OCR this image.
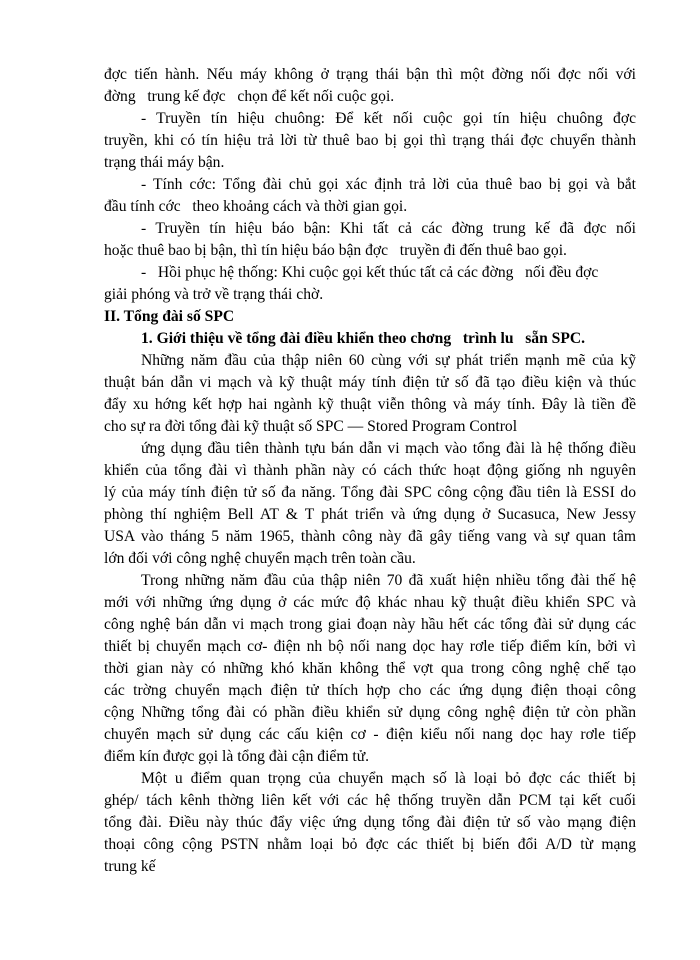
đợc tiến hành. Nếu máy không ở trạng thái bận thì một đờng nối đợc nối với
đờng   trung kế đợc   chọn để kết nối cuộc gọi.
- Truyền tín hiệu chuông: Để kết nối cuộc gọi tín hiệu chuông đợc
truyền, khi có tín hiệu trả lời từ thuê bao bị gọi thì trạng thái đợc chuyển thành
trạng thái máy bận.
- Tính cớc: Tổng đài chủ gọi xác định trả lời của thuê bao bị gọi và bắt
đầu tính cớc   theo khoảng cách và thời gian gọi.
- Truyền tín hiệu báo bận: Khi tất cả các đờng trung kế đã đợc nối
hoặc thuê bao bị bận, thì tín hiệu báo bận đợc   truyền đi đến thuê bao gọi.
-   Hồi phục hệ thống: Khi cuộc gọi kết thúc tất cả các đờng   nối đều đợc
giải phóng và trở về trạng thái chờ.
II. Tổng đài số SPC
1. Giới thiệu về tổng đài điều khiển theo chơng   trình lu   sẵn SPC.
Những năm đầu của thập niên 60 cùng với sự phát triển mạnh mẽ của kỹ
thuật bán dẫn vi mạch và kỹ thuật máy tính điện tử số đã tạo điều kiện và thúc
đẩy xu hớng kết hợp hai ngành kỹ thuật viễn thông và máy tính. Đây là tiền đề
cho sự ra đời tổng đài kỹ thuật số SPC — Stored Program Control
ứng dụng đầu tiên thành tựu bán dẫn vi mạch vào tổng đài là hệ thống điều
khiển của tổng đài vì thành phần này có cách thức hoạt động giống nh nguyên
lý của máy tính điện tử số đa năng. Tổng đài SPC công cộng đầu tiên là ESSI do
phòng thí nghiệm Bell AT & T phát triển và ứng dụng ở Sucasuca, New Jessy
USA vào tháng 5 năm 1965, thành công này đã gây tiếng vang và sự quan tâm
lớn đối với công nghệ chuyển mạch trên toàn cầu.
Trong những năm đầu của thập niên 70 đã xuất hiện nhiều tổng đài thế hệ
mới với những ứng dụng ở các mức độ khác nhau kỹ thuật điều khiển SPC và
công nghệ bán dẫn vi mạch trong giai đoạn này hầu hết các tổng đài sử dụng các
thiết bị chuyển mạch cơ- điện nh bộ nối nang dọc hay rơle tiếp điểm kín, bởi vì
thời gian này có những khó khăn không thể vợt qua trong công nghệ chế tạo
các trờng chuyển mạch điện tử thích hợp cho các ứng dụng điện thoại công
cộng Những tổng đài có phần điều khiển sử dụng công nghệ điện tử còn phần
chuyển mạch sử dụng các cấu kiện cơ - điện kiểu nối nang dọc hay rơle tiếp
điểm kín được gọi là tổng đài cận điểm tử.
Một u điểm quan trọng của chuyển mạch số là loại bỏ đợc các thiết bị
ghép/ tách kênh thờng liên kết với các hệ thống truyền dẫn PCM tại kết cuối
tổng đài. Điều này thúc đẩy việc ứng dụng tổng đài điện tử số vào mạng điện
thoại công cộng PSTN nhằm loại bỏ đợc các thiết bị biến đổi A/D từ mạng
trung kế
